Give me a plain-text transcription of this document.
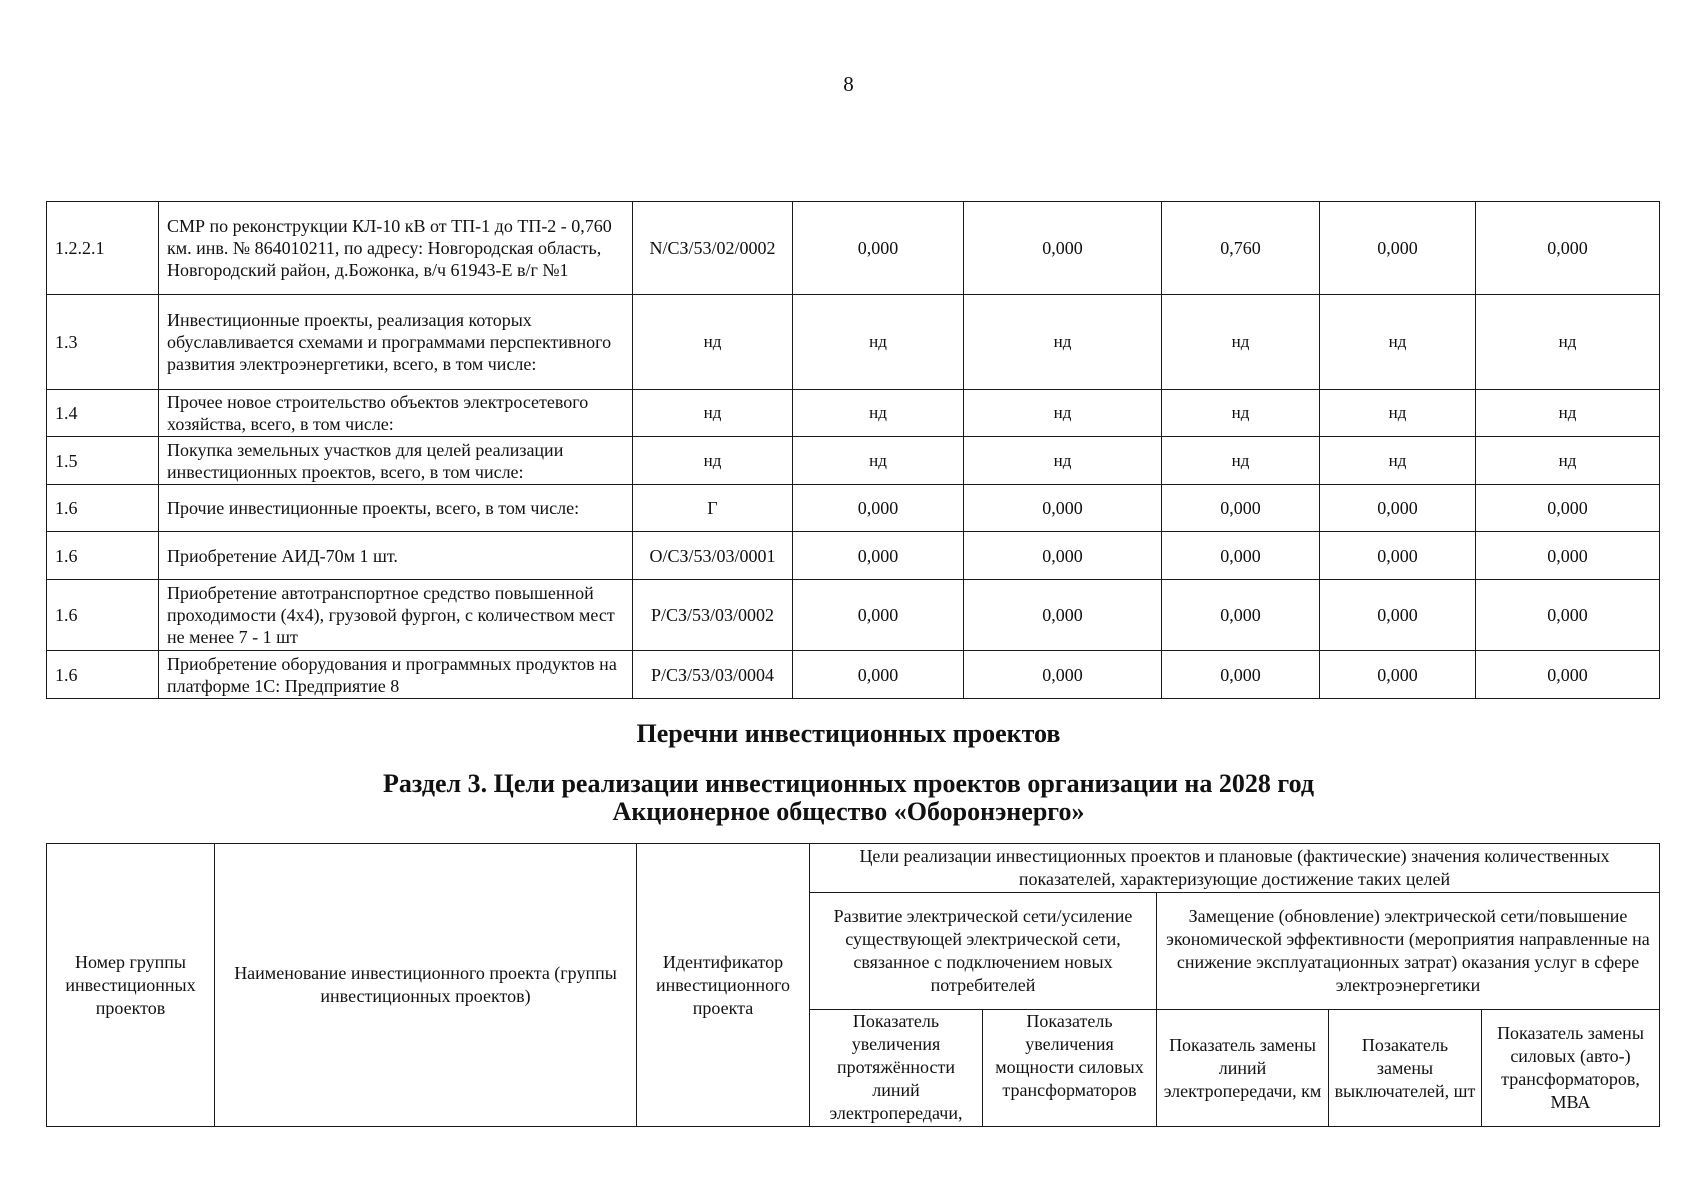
8
1.2.2.1	СМР по реконструкции КЛ-10 кВ от ТП-1 до ТП-2 - 0,760 км. инв. № 864010211, по адресу: Новгородская область, Новгородский район, д.Божонка, в/ч 61943-Е в/г №1	N/СЗ/53/02/0002	0,000	0,000	0,760	0,000	0,000
1.3	Инвестиционные проекты, реализация которых обуславливается схемами и программами перспективного развития электроэнергетики, всего, в том числе:	нд	нд	нд	нд	нд	нд
1.4	Прочее новое строительство объектов электросетевого хозяйства, всего, в том числе:	нд	нд	нд	нд	нд	нд
1.5	Покупка земельных участков для целей реализации инвестиционных проектов, всего, в том числе:	нд	нд	нд	нд	нд	нд
1.6	Прочие инвестиционные проекты, всего, в том числе:	Г	0,000	0,000	0,000	0,000	0,000
1.6	Приобретение АИД-70м 1 шт.	O/СЗ/53/03/0001	0,000	0,000	0,000	0,000	0,000
1.6	Приобретение автотранспортное средство повышенной проходимости (4х4), грузовой фургон, с количеством мест не менее 7 - 1 шт	P/СЗ/53/03/0002	0,000	0,000	0,000	0,000	0,000
1.6	Приобретение оборудования и программных продуктов на платформе 1С: Предприятие 8	P/СЗ/53/03/0004	0,000	0,000	0,000	0,000	0,000
Перечни инвестиционных проектов
Раздел 3. Цели реализации инвестиционных проектов организации на 2028 год
Акционерное общество «Оборонэнерго»
Номер группы инвестиционных проектов	Наименование инвестиционного проекта (группы инвестиционных проектов)	Идентификатор инвестиционного проекта	Цели реализации инвестиционных проектов и плановые (фактические) значения количественных показателей, характеризующие достижение таких целей				
			Развитие электрической сети/усиление существующей электрической сети, связанное с подключением новых потребителей		Замещение (обновление) электрической сети/повышение экономической эффективности (мероприятия направленные на снижение эксплуатационных затрат) оказания услуг в сфере электроэнергетики		
			Показатель увеличения протяжённости линий электропередачи,	Показатель увеличения мощности силовых трансформаторов	Показатель замены линий электропередачи, км	Позакатель замены выключателей, шт	Показатель замены силовых (авто-) трансформаторов, МВА
